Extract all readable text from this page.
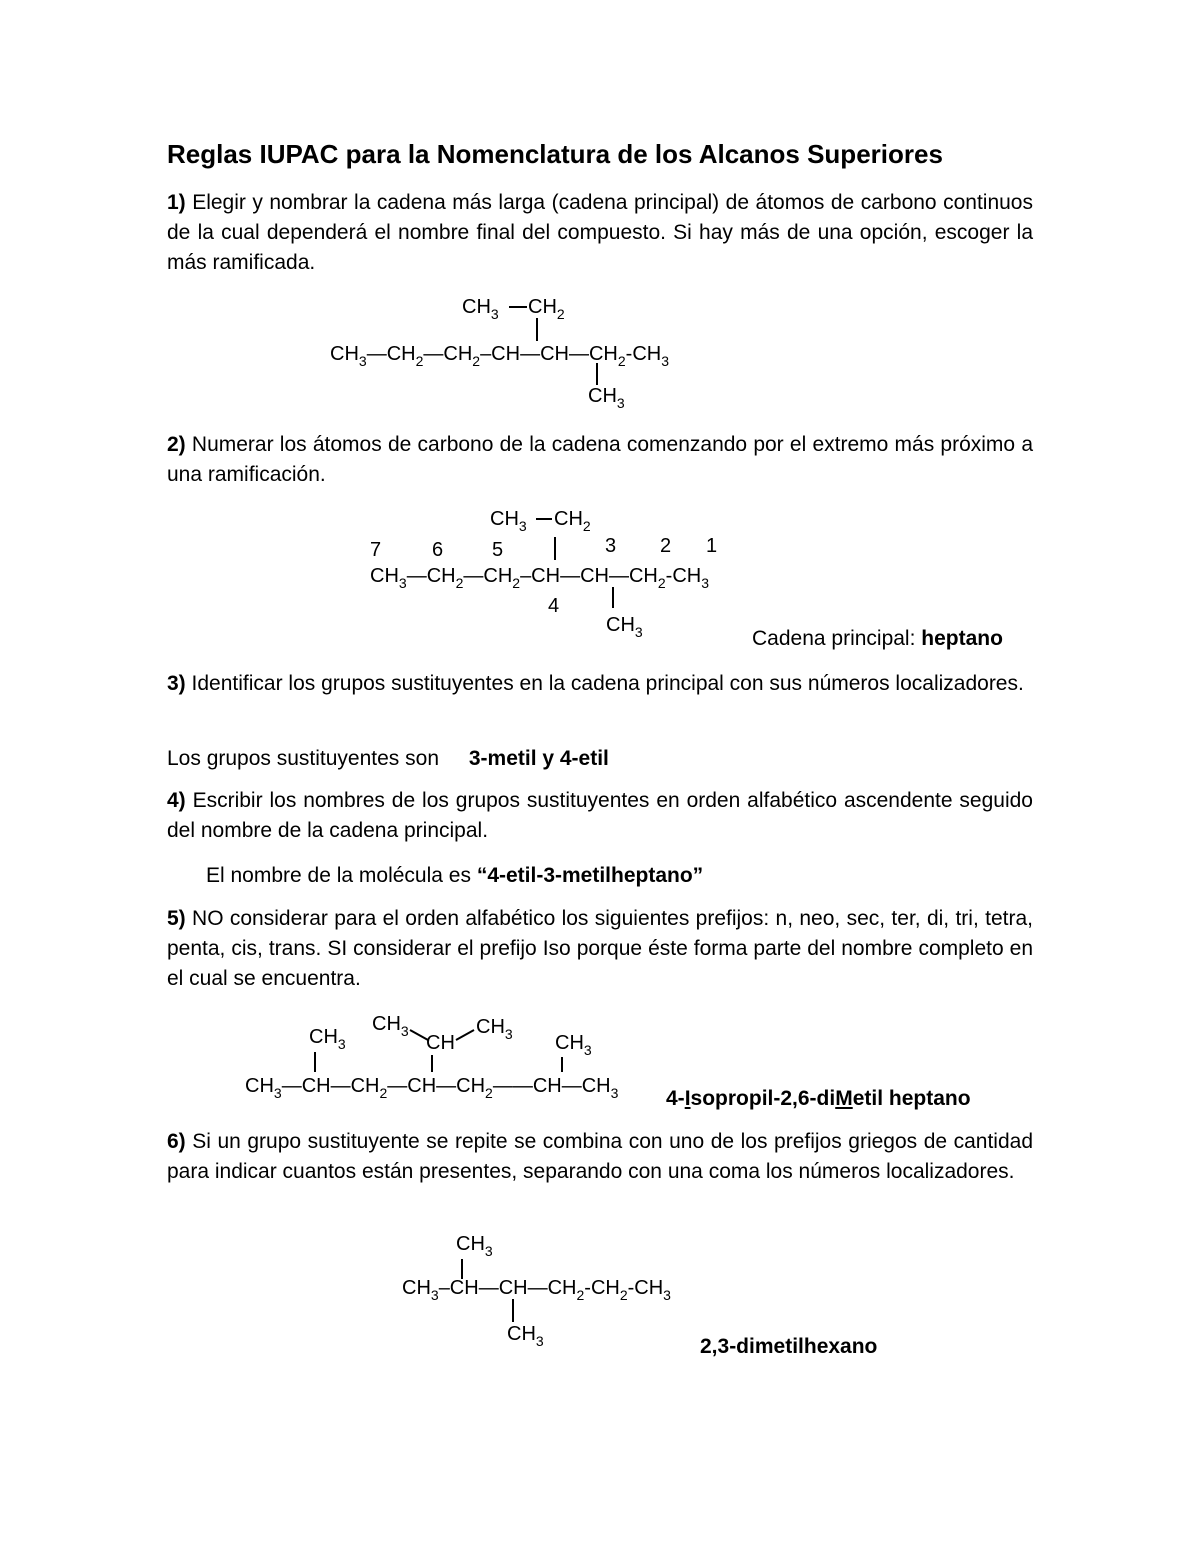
Reglas IUPAC para la Nomenclatura de los Alcanos Superiores
1) Elegir y nombrar la cadena más larga (cadena principal) de átomos de carbono continuos de la cual dependerá el nombre final del compuesto. Si hay más de una opción, escoger la más ramificada.
$CH_3$ $CH_2$
$CH_3—CH_2—CH_2-CH—CH—CH_2-CH_3$
$CH_3$
2) Numerar los átomos de carbono de la cadena comenzando por el extremo más próximo a una ramificación.
$CH_3$ $CH_2$
7	6 5	3 2 1
$CH_3—CH_2—CH_2-CH—CH—CH_2-CH_3$
4
$CH_3$	Cadena principal: heptano
3) Identificar los grupos sustituyentes en la cadena principal con sus números localizadores.
Los grupos sustituyentes son 3-metil y 4-etil
4) Escribir los nombres de los grupos sustituyentes en orden alfabético ascendente seguido del nombre de la cadena principal.
El nombre de la molécula es “4-etil-3-metilheptano”
5) NO considerar para el orden alfabético los siguientes prefijos: n, neo, sec, ter, di, tri, tetra, penta, cis, trans. SI considerar el prefijo Iso porque éste forma parte del nombre completo en el cual se encuentra.
$CH_3$
CH
$CH_3$
$CH_3$	$CH_3$
$CH_3—CH—CH_2—CH—CH_2——CH—CH_3$ 4-Isopropil-2,6-diMetil heptano
6) Si un grupo sustituyente se repite se combina con uno de los prefijos griegos de cantidad para indicar cuantos están presentes, separando con una coma los números localizadores.
$CH_3$
$CH_3-CH—CH—CH_2-CH_2-CH_3$
$CH_3$	2,3-dimetilhexano
